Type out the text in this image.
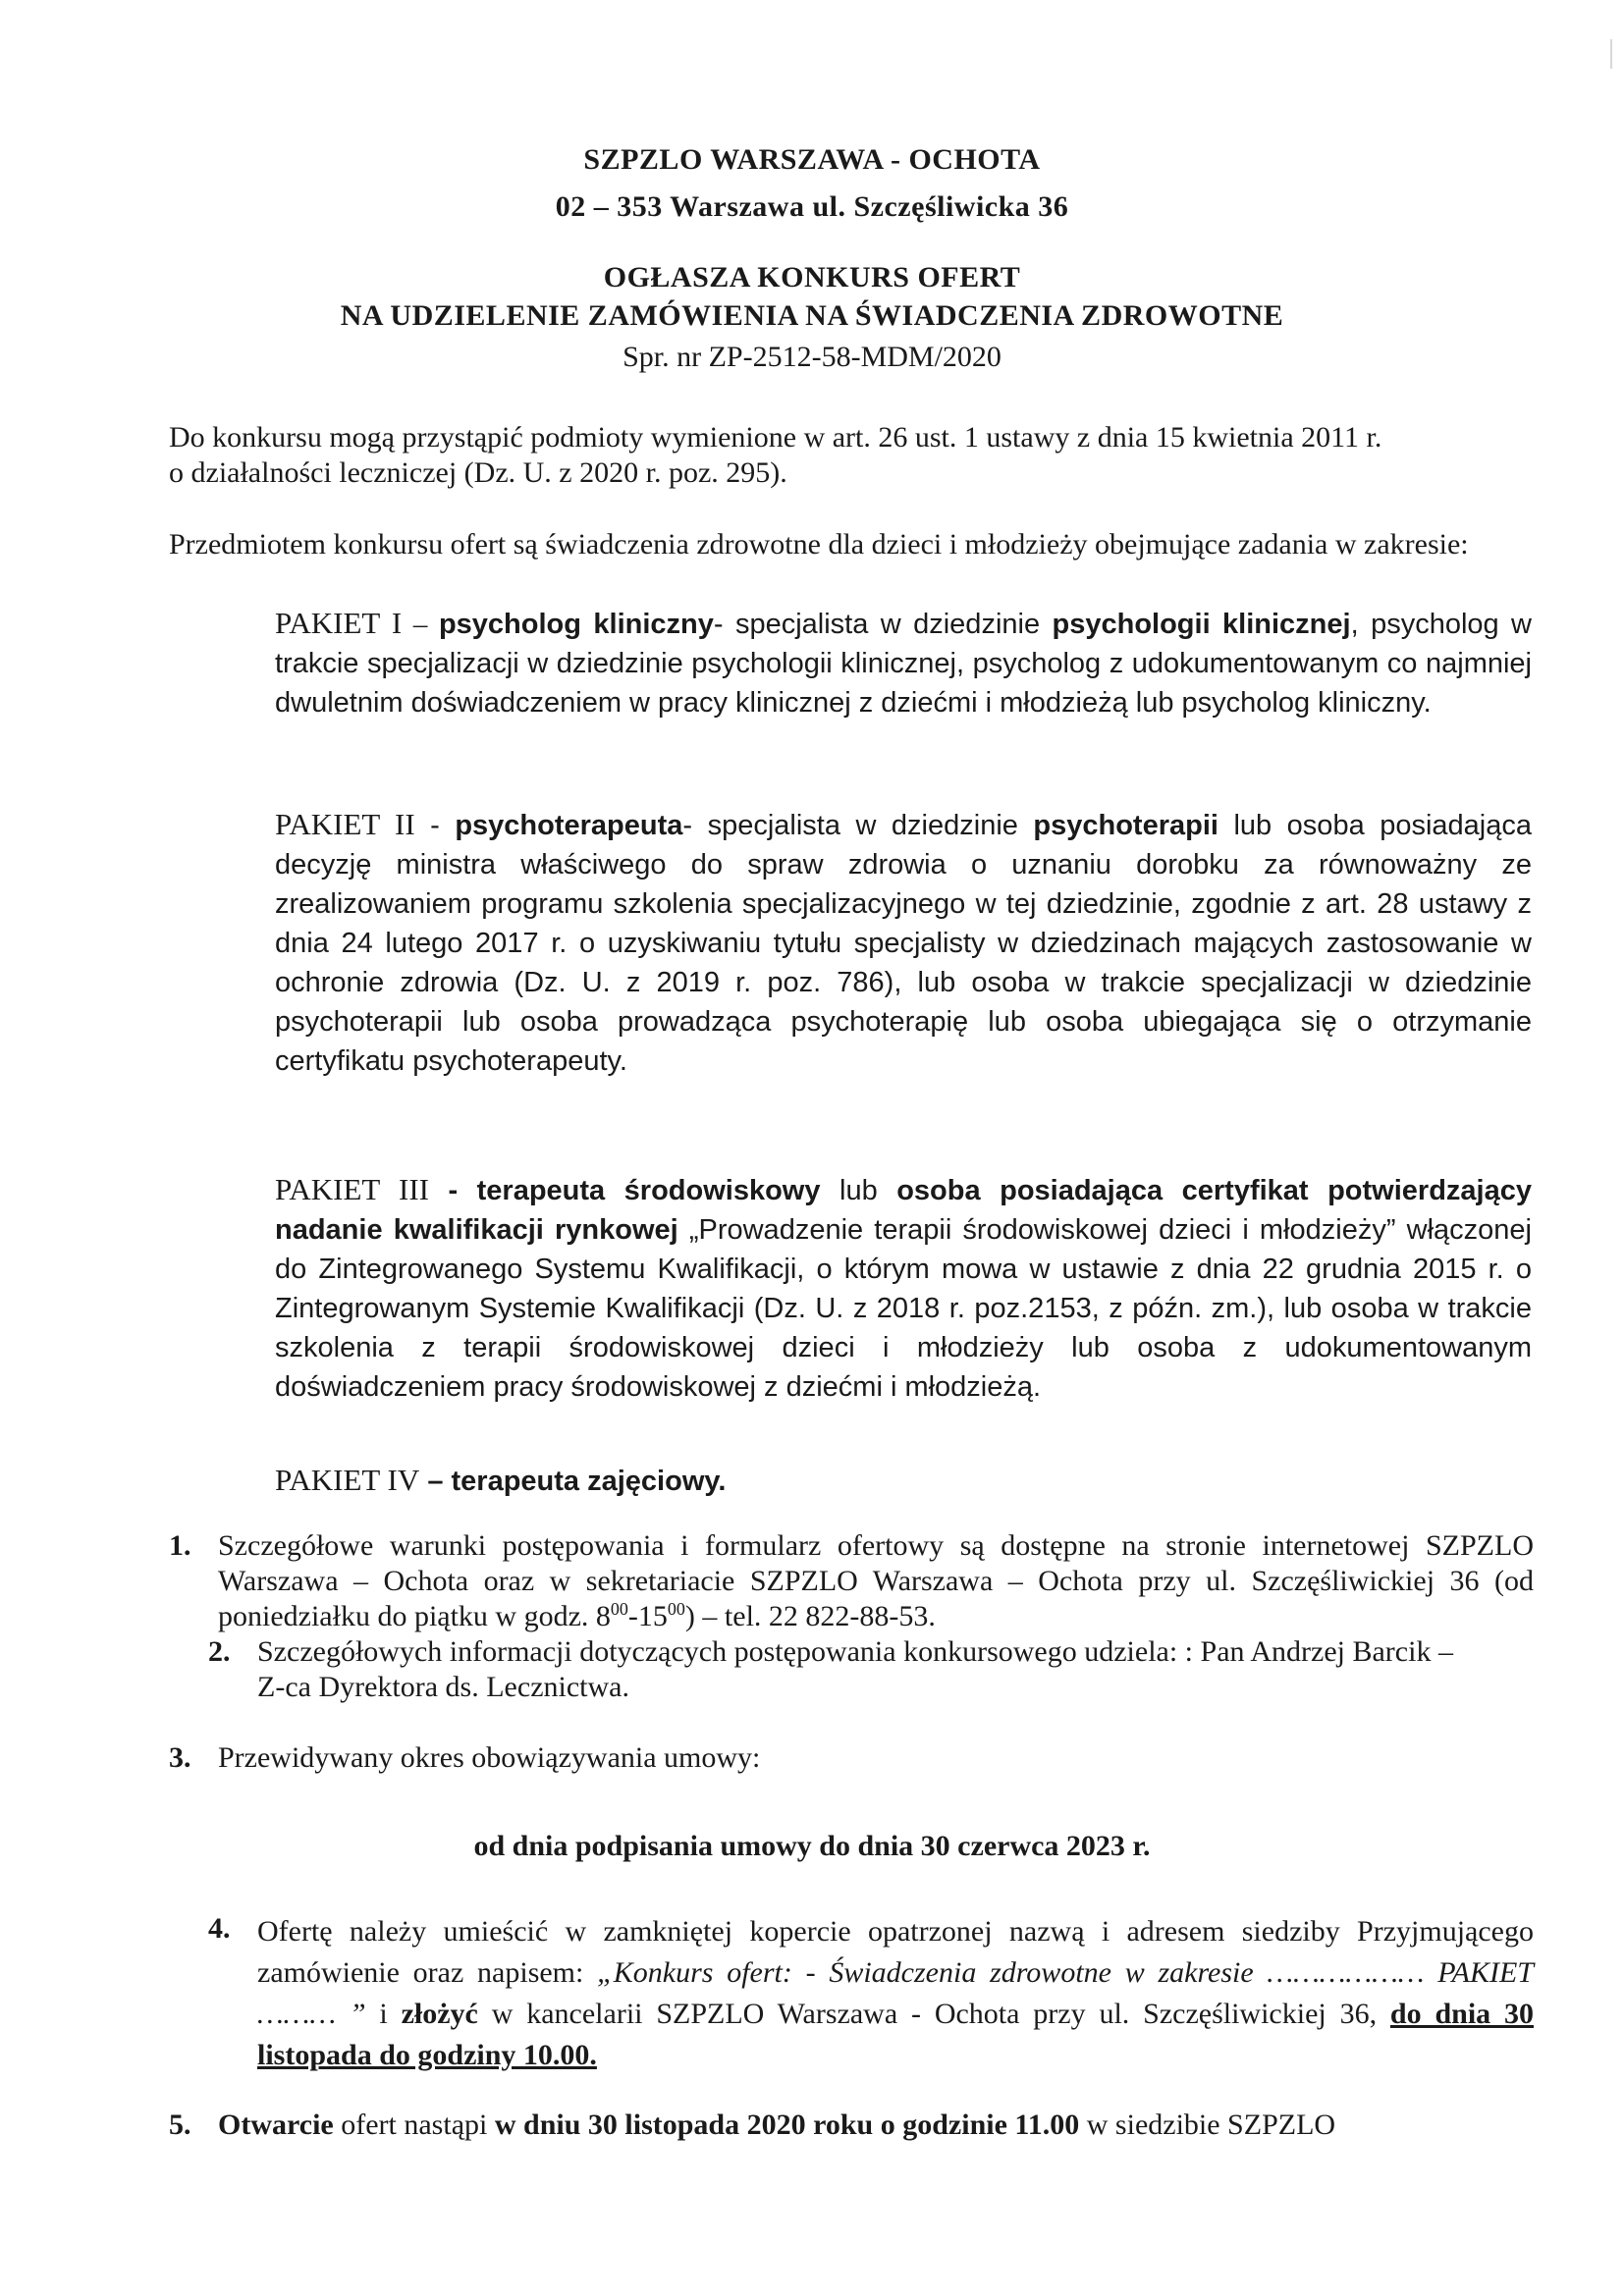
SZPZLO WARSZAWA - OCHOTA
02 – 353 Warszawa ul. Szczęśliwicka 36
OGŁASZA KONKURS OFERT
NA UDZIELENIE ZAMÓWIENIA NA ŚWIADCZENIA ZDROWOTNE
Spr. nr ZP-2512-58-MDM/2020
Do konkursu mogą przystąpić podmioty wymienione w art. 26 ust. 1 ustawy z dnia 15 kwietnia 2011 r.
o działalności leczniczej (Dz. U. z 2020 r. poz. 295).
Przedmiotem konkursu ofert są świadczenia zdrowotne dla dzieci i młodzieży obejmujące zadania w zakresie:
PAKIET I – psycholog kliniczny- specjalista w dziedzinie psychologii klinicznej, psycholog w trakcie specjalizacji w dziedzinie psychologii klinicznej, psycholog z udokumentowanym co najmniej dwuletnim doświadczeniem w pracy klinicznej z dziećmi i młodzieżą lub psycholog kliniczny.
PAKIET II - psychoterapeuta- specjalista w dziedzinie psychoterapii lub osoba posiadająca decyzję ministra właściwego do spraw zdrowia o uznaniu dorobku za równoważny ze zrealizowaniem programu szkolenia specjalizacyjnego w tej dziedzinie, zgodnie z art. 28 ustawy z dnia 24 lutego 2017 r. o uzyskiwaniu tytułu specjalisty w dziedzinach mających zastosowanie w ochronie zdrowia (Dz. U. z 2019 r. poz. 786), lub osoba w trakcie specjalizacji w dziedzinie psychoterapii lub osoba prowadząca psychoterapię lub osoba ubiegająca się o otrzymanie certyfikatu psychoterapeuty.
PAKIET III - terapeuta środowiskowy lub osoba posiadająca certyfikat potwierdzający nadanie kwalifikacji rynkowej „Prowadzenie terapii środowiskowej dzieci i młodzieży” włączonej do Zintegrowanego Systemu Kwalifikacji, o którym mowa w ustawie z dnia 22 grudnia 2015 r. o Zintegrowanym Systemie Kwalifikacji (Dz. U. z 2018 r. poz.2153, z późn. zm.), lub osoba w trakcie szkolenia z terapii środowiskowej dzieci i młodzieży lub osoba z udokumentowanym doświadczeniem pracy środowiskowej z dziećmi i młodzieżą.
PAKIET IV – terapeuta zajęciowy.
1. Szczegółowe warunki postępowania i formularz ofertowy są dostępne na stronie internetowej SZPZLO Warszawa – Ochota oraz w sekretariacie SZPZLO Warszawa – Ochota przy ul. Szczęśliwickiej 36 (od poniedziałku do piątku w godz. $8^{00}-15^{00}$) – tel. 22 822-88-53.
2. Szczegółowych informacji dotyczących postępowania konkursowego udziela: : Pan Andrzej Barcik – Z-ca Dyrektora ds. Lecznictwa.
3. Przewidywany okres obowiązywania umowy:
od dnia podpisania umowy do dnia 30 czerwca 2023 r.
4. Ofertę należy umieścić w zamkniętej kopercie opatrzonej nazwą i adresem siedziby Przyjmującego zamówienie oraz napisem: „Konkurs ofert: - Świadczenia zdrowotne w zakresie ……………… PAKIET ……… ” i złożyć w kancelarii SZPZLO Warszawa - Ochota przy ul. Szczęśliwickiej 36, do dnia 30 listopada do godziny 10.00.
5. Otwarcie ofert nastąpi w dniu 30 listopada 2020 roku o godzinie 11.00 w siedzibie SZPZLO
